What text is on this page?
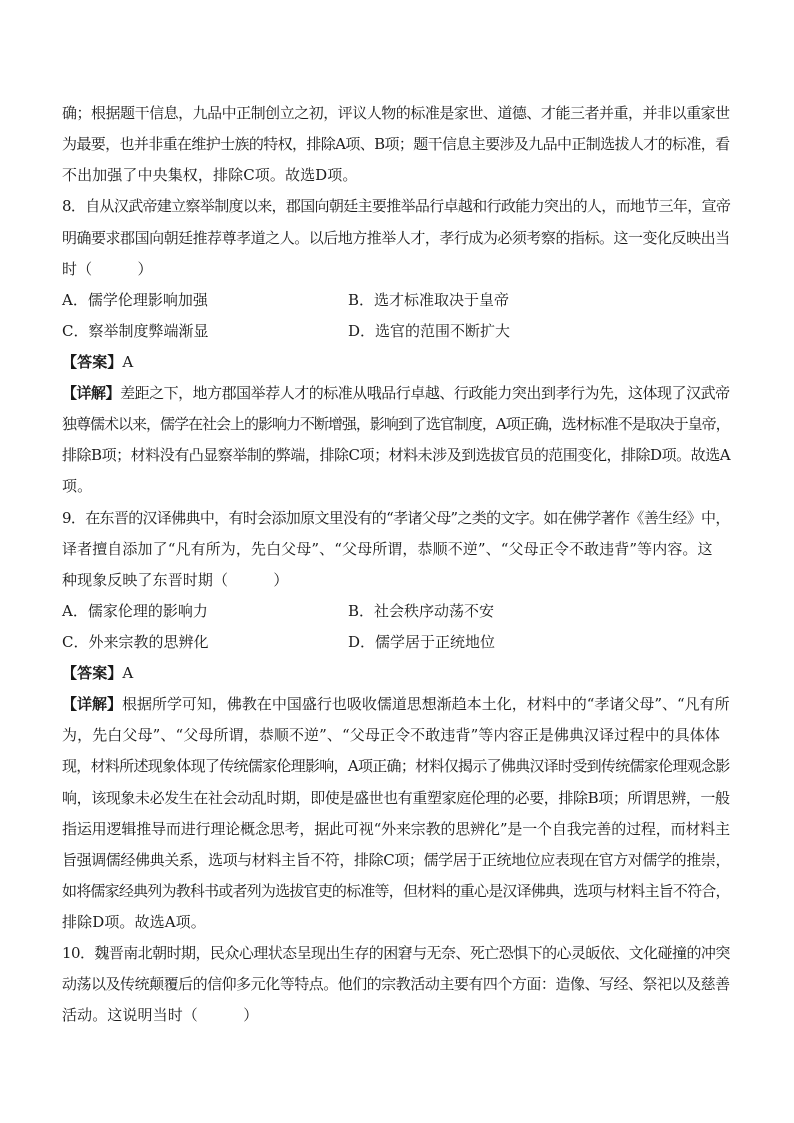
确；根据题干信息，九品中正制创立之初，评议人物的标准是家世、道德、才能三者并重，并非以重家世
为最要，也并非重在维护士族的特权，排除A项、B项；题干信息主要涉及九品中正制选拔人才的标准，看
不出加强了中央集权，排除C项。故选D项。
8．自从汉武帝建立察举制度以来，郡国向朝廷主要推举品行卓越和行政能力突出的人，而地节三年，宣帝
明确要求郡国向朝廷推荐尊孝道之人。以后地方推举人才，孝行成为必须考察的指标。这一变化反映出当
时（　　　）
A．儒学伦理影响加强	B．选才标准取决于皇帝
C．察举制度弊端渐显	D．选官的范围不断扩大
【答案】A
【详解】差距之下，地方郡国举荐人才的标准从哦品行卓越、行政能力突出到孝行为先，这体现了汉武帝
独尊儒术以来，儒学在社会上的影响力不断增强，影响到了选官制度，A项正确，选材标准不是取决于皇帝，
排除B项；材料没有凸显察举制的弊端，排除C项；材料未涉及到选拔官员的范围变化，排除D项。故选A
项。
9．在东晋的汉译佛典中，有时会添加原文里没有的“孝诸父母”之类的文字。如在佛学著作《善生经》中，
译者擅自添加了“凡有所为，先白父母”、“父母所谓，恭顺不逆”、“父母正令不敢违背”等内容。这
种现象反映了东晋时期（　　　）
A．儒家伦理的影响力	B．社会秩序动荡不安
C．外来宗教的思辨化	D．儒学居于正统地位
【答案】A
【详解】根据所学可知，佛教在中国盛行也吸收儒道思想渐趋本土化，材料中的“孝诸父母”、“凡有所
为，先白父母”、“父母所谓，恭顺不逆”、“父母正令不敢违背”等内容正是佛典汉译过程中的具体体
现，材料所述现象体现了传统儒家伦理影响，A项正确；材料仅揭示了佛典汉译时受到传统儒家伦理观念影
响，该现象未必发生在社会动乱时期，即使是盛世也有重塑家庭伦理的必要，排除B项；所谓思辨，一般
指运用逻辑推导而进行理论概念思考，据此可视“外来宗教的思辨化”是一个自我完善的过程，而材料主
旨强调儒经佛典关系，选项与材料主旨不符，排除C项；儒学居于正统地位应表现在官方对儒学的推崇，
如将儒家经典列为教科书或者列为选拔官吏的标准等，但材料的重心是汉译佛典，选项与材料主旨不符合，
排除D项。故选A项。
10．魏晋南北朝时期，民众心理状态呈现出生存的困窘与无奈、死亡恐惧下的心灵皈依、文化碰撞的冲突
动荡以及传统颠覆后的信仰多元化等特点。他们的宗教活动主要有四个方面：造像、写经、祭祀以及慈善
活动。这说明当时（　　　）
